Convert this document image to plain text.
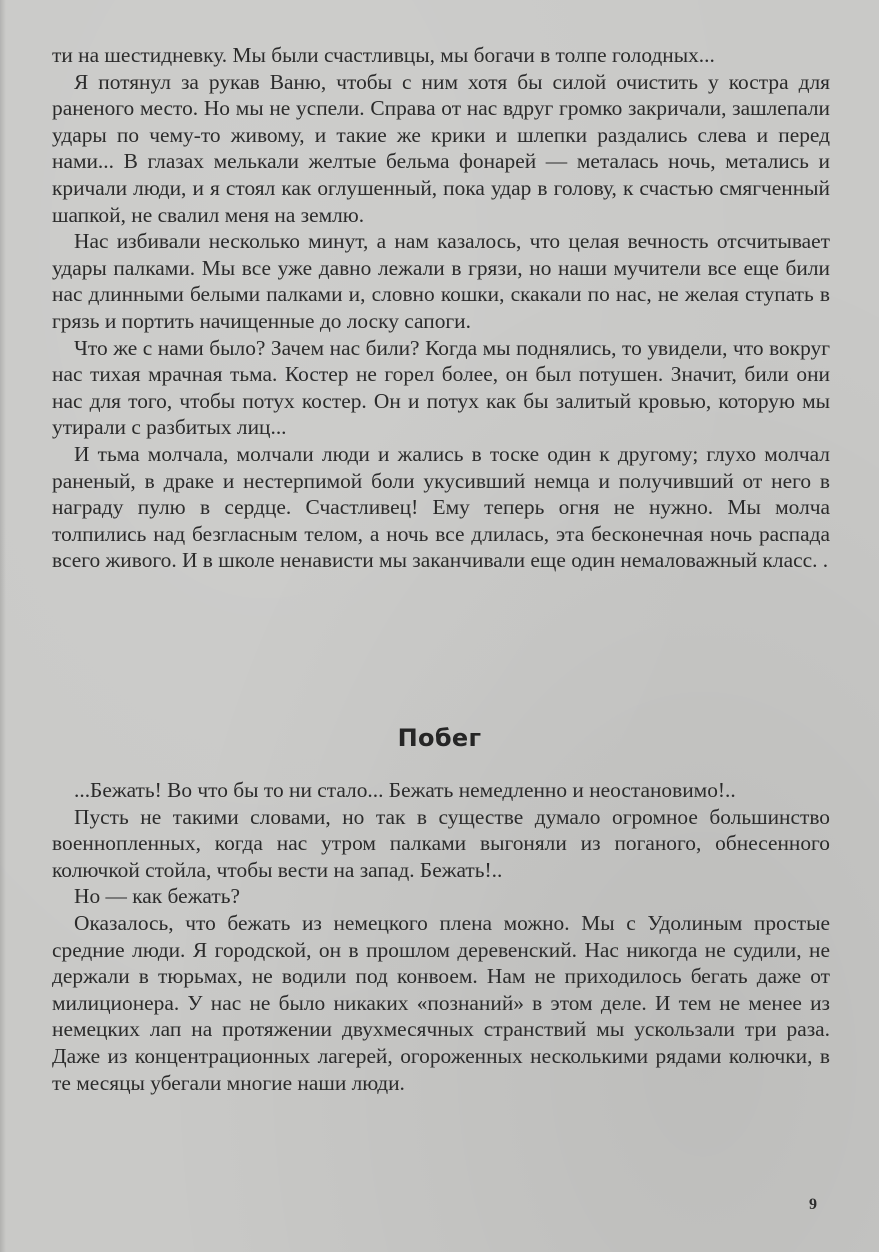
ти на шестидневку. Мы были счастливцы, мы богачи в толпе голодных...

Я потянул за рукав Ваню, чтобы с ним хотя бы силой очистить у костра для раненого место. Но мы не успели. Справа от нас вдруг громко закричали, зашлепали удары по чему-то живому, и такие же крики и шлепки раздались слева и перед нами... В глазах мелькали желтые бельма фонарей — металась ночь, метались и кричали люди, и я стоял как оглушенный, пока удар в голову, к счастью смягченный шапкой, не свалил меня на землю.

Нас избивали несколько минут, а нам казалось, что целая вечность отсчитывает удары палками. Мы все уже давно лежали в грязи, но наши мучители все еще били нас длинными белыми палками и, словно кошки, скакали по нас, не желая ступать в грязь и портить начищенные до лоску сапоги.

Что же с нами было? Зачем нас били? Когда мы поднялись, то увидели, что вокруг нас тихая мрачная тьма. Костер не горел более, он был потушен. Значит, били они нас для того, чтобы потух костер. Он и потух как бы залитый кровью, которую мы утирали с разбитых лиц...

И тьма молчала, молчали люди и жались в тоске один к другому; глухо молчал раненый, в драке и нестерпимой боли укусивший немца и получивший от него в награду пулю в сердце. Счастливец! Ему теперь огня не нужно. Мы молча толпились над безгласным телом, а ночь все длилась, эта бесконечная ночь распада всего живого. И в школе ненависти мы заканчивали еще один немаловажный класс. .

Побег

...Бежать! Во что бы то ни стало... Бежать немедленно и неостановимо!..

Пусть не такими словами, но так в существе думало огромное большинство военнопленных, когда нас утром палками выгоняли из поганого, обнесенного колючкой стойла, чтобы вести на запад. Бежать!..

Но — как бежать?

Оказалось, что бежать из немецкого плена можно. Мы с Удолиным простые средние люди. Я городской, он в прошлом деревенский. Нас никогда не судили, не держали в тюрьмах, не водили под конвоем. Нам не приходилось бегать даже от милиционера. У нас не было никаких «познаний» в этом деле. И тем не менее из немецких лап на протяжении двухмесячных странствий мы ускользали три раза. Даже из концентрационных лагерей, огороженных несколькими рядами колючки, в те месяцы убегали многие наши люди.

9
